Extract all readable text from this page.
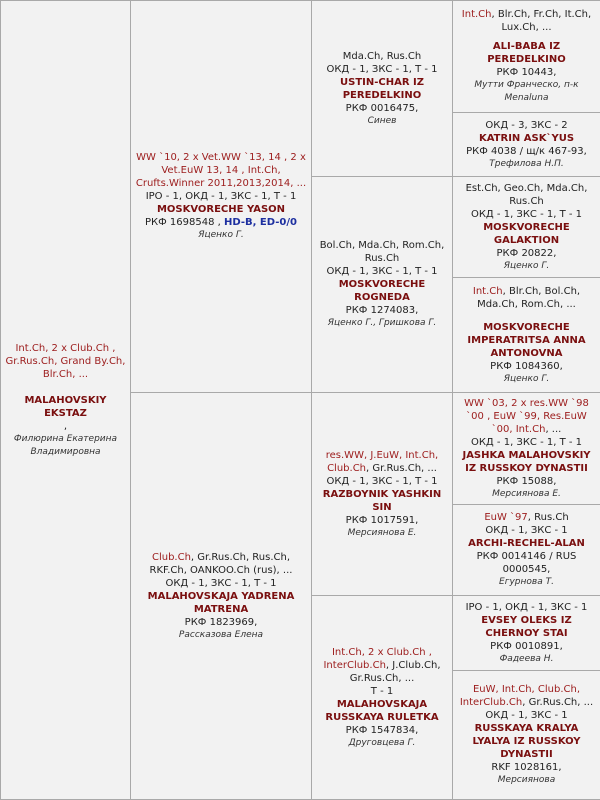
Int.Ch, 2 x Club.Ch , Gr.Rus.Ch, Grand By.Ch, Blr.Ch, ...

MALAHOVSKIY EKSTAZ
,
Филюрина Екатерина Владимировна	WW `10, 2 x Vet.WW `13, 14 , 2 x Vet.EuW 13, 14 , Int.Ch, Crufts.Winner 2011,2013,2014, ...
IPO - 1, ОКД - 1, ЗКС - 1, Т - 1
MOSKVORECHE YASON
РКФ 1698548 , HD-B, ED-0/0
Яценко Г.	Mda.Ch, Rus.Ch
ОКД - 1, ЗКС - 1, Т - 1
USTIN-CHAR IZ PEREDELKINO
РКФ 0016475,
Синев	Int.Ch, Blr.Ch, Fr.Ch, It.Ch, Lux.Ch, ...
ALI-BABA IZ PEREDELKINO
РКФ 10443,
Мутти Франческо, п-к Menaluna

			ОКД - 3, ЗКС - 2
KATRIN ASK`YUS
РКФ 4038 / щ/к 467-93,
Трефилова Н.П.

		Bol.Ch, Mda.Ch, Rom.Ch, Rus.Ch
ОКД - 1, ЗКС - 1, Т - 1
MOSKVORECHE ROGNEDA
РКФ 1274083,
Яценко Г., Гришкова Г.	Est.Ch, Geo.Ch, Mda.Ch, Rus.Ch
ОКД - 1, ЗКС - 1, Т - 1
MOSKVORECHE GALAKTION
РКФ 20822,
Яценко Г.

			Int.Ch, Blr.Ch, Bol.Ch, Mda.Ch, Rom.Ch, ...
MOSKVORECHE IMPERATRITSA ANNA ANTONOVNA
РКФ 1084360,
Яценко Г.

	Club.Ch, Gr.Rus.Ch, Rus.Ch, RKF.Ch, OANKOO.Ch (rus), ...
ОКД - 1, ЗКС - 1, Т - 1
MALAHOVSKAJA YADRENA MATRENA
РКФ 1823969,
Рассказова Елена	res.WW, J.EuW, Int.Ch, Club.Ch, Gr.Rus.Ch, ...
ОКД - 1, ЗКС - 1, Т - 1
RAZBOYNIK YASHKIN SIN
РКФ 1017591,
Мерсиянова Е.	WW `03, 2 x res.WW `98 `00 , EuW `99, Res.EuW `00, Int.Ch, ...
ОКД - 1, ЗКС - 1, Т - 1
JASHKA MALAHOVSKIY IZ RUSSKOY DYNASTII
РКФ 15088,
Мерсиянова Е.

			EuW `97, Rus.Ch
ОКД - 1, ЗКС - 1
ARCHI-RECHEL-ALAN
РКФ 0014146 / RUS 0000545,
Егурнова Т.

		Int.Ch, 2 x Club.Ch , InterClub.Ch, J.Club.Ch, Gr.Rus.Ch, ...
Т - 1
MALAHOVSKAJA RUSSKAYA RULETKA
РКФ 1547834,
Друговцева Г.	IPO - 1, ОКД - 1, ЗКС - 1
EVSEY OLEKS IZ CHERNOY STAI
РКФ 0010891,
Фадеева Н.

			EuW, Int.Ch, Club.Ch, InterClub.Ch, Gr.Rus.Ch, ...
ОКД - 1, ЗКС - 1
RUSSKAYA KRALYA LYALYA IZ RUSSKOY DYNASTII
RKF 1028161,
Мерсиянова
